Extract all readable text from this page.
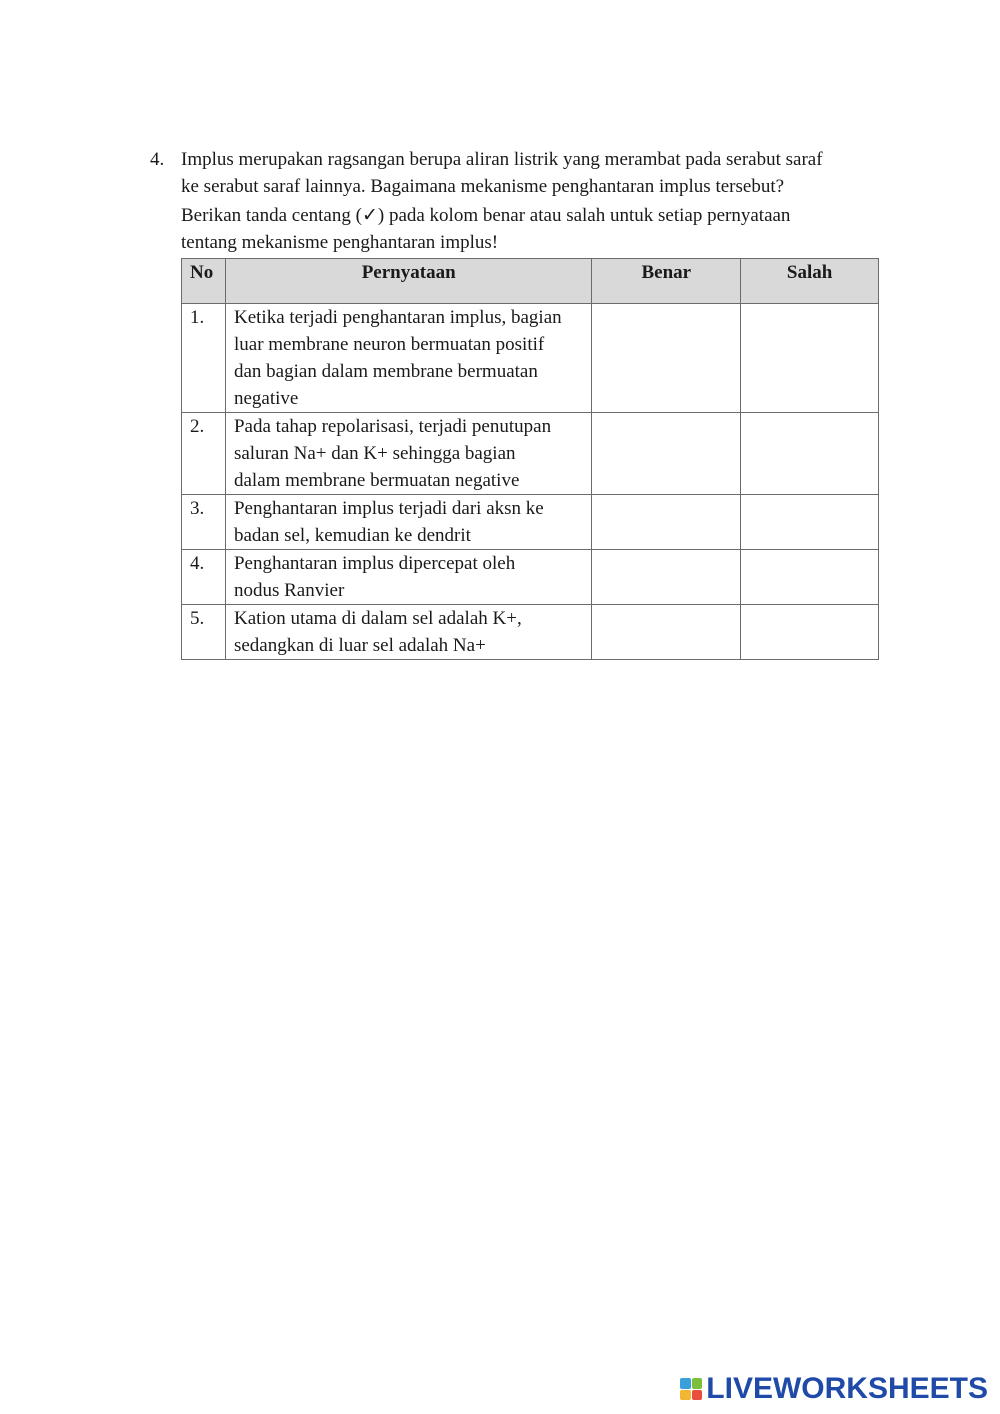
4. Implus merupakan ragsangan berupa aliran listrik yang merambat pada serabut saraf

ke serabut saraf lainnya. Bagaimana mekanisme penghantaran implus tersebut?

Berikan tanda centang (✓) pada kolom benar atau salah untuk setiap pernyataan

tentang mekanisme penghantaran implus!

No	Pernyataan	Benar	Salah
1.	Ketika terjadi penghantaran implus, bagian
luar membrane neuron bermuatan positif
dan bagian dalam membrane bermuatan
negative		

2.	Pada tahap repolarisasi, terjadi penutupan
saluran Na+ dan K+ sehingga bagian
dalam membrane bermuatan negative		

3.	Penghantaran implus terjadi dari aksn ke
badan sel, kemudian ke dendrit		

4.	Penghantaran implus dipercepat oleh
nodus Ranvier		

5.	Kation utama di dalam sel adalah K+,
sedangkan di luar sel adalah Na+		

LIVEWORKSHEETS
